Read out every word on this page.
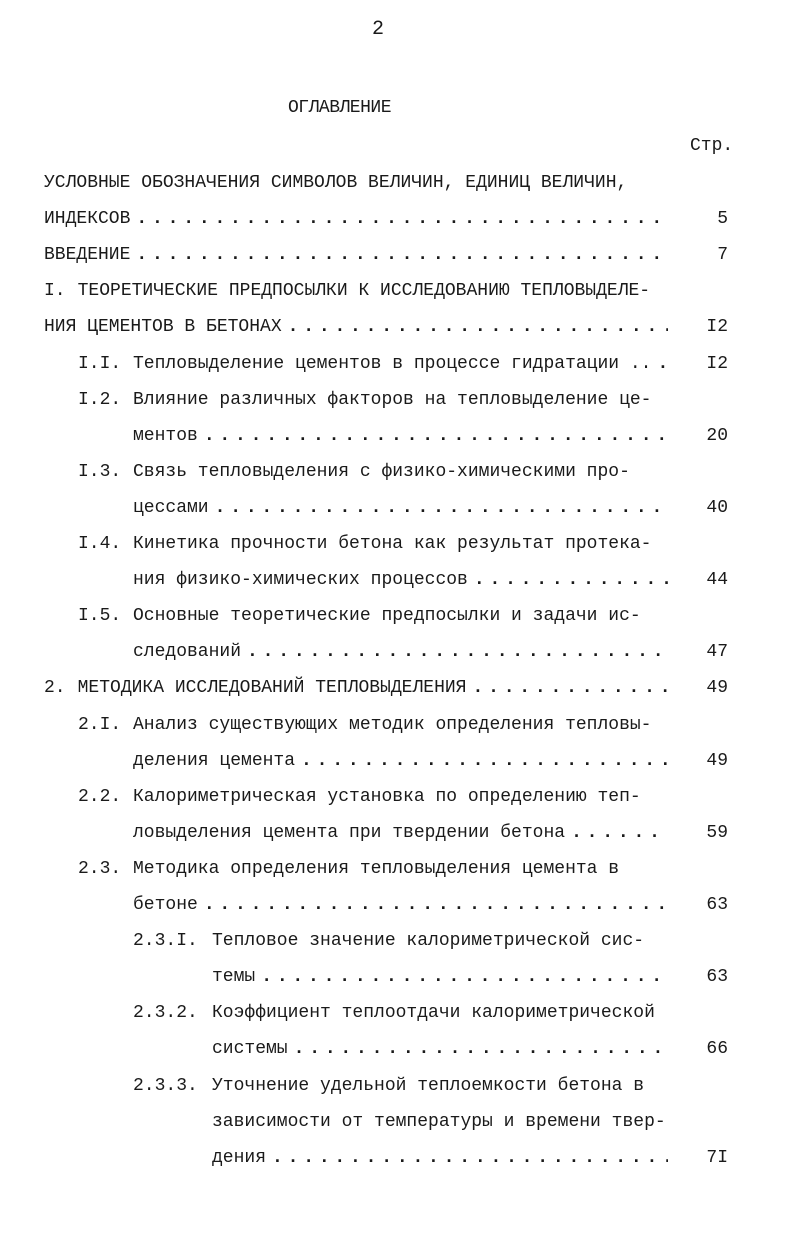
2
ОГЛАВЛЕНИЕ
Стр.
УСЛОВНЫЕ ОБОЗНАЧЕНИЯ СИМВОЛОВ ВЕЛИЧИН, ЕДИНИЦ ВЕЛИЧИН,
5
ИНДЕКСОВ
. . .
7
ВВЕДЕНИЕ
. . .
I. ТЕОРЕТИЧЕСКИЕ ПРЕДПОСЫЛКИ К ИССЛЕДОВАНИЮ ТЕПЛОВЫДЕЛЕ-
I2
НИЯ ЦЕМЕНТОВ В БЕТОНАХ
. . .
I2
I.I. Тепловыделение цементов в процессе гидратации ..
. . .
I.2. Влияние различных факторов на тепловыделение це-
20
ментов
. . .
I.3. Связь тепловыделения с физико-химическими про-
40
цессами
. . .
I.4. Кинетика прочности бетона как результат протека-
44
ния физико-химических процессов
. . .
I.5. Основные теоретические предпосылки и задачи ис-
47
следований
. . .
49
2. МЕТОДИКА ИССЛЕДОВАНИЙ ТЕПЛОВЫДЕЛЕНИЯ
. . .
2.I. Анализ существующих методик определения тепловы-
49
деления цемента
. . .
2.2. Калориметрическая установка по определению теп-
59
ловыделения цемента при твердении бетона
. . .
2.3. Методика определения тепловыделения цемента в
63
бетоне
. . .
2.3.I. Тепловое значение калориметрической сис-
63
темы
. . .
2.3.2. Коэффициент теплоотдачи калориметрической
66
системы
. . .
2.3.3. Уточнение удельной теплоемкости бетона в
зависимости от температуры и времени твер-
7I
дения
. . .
